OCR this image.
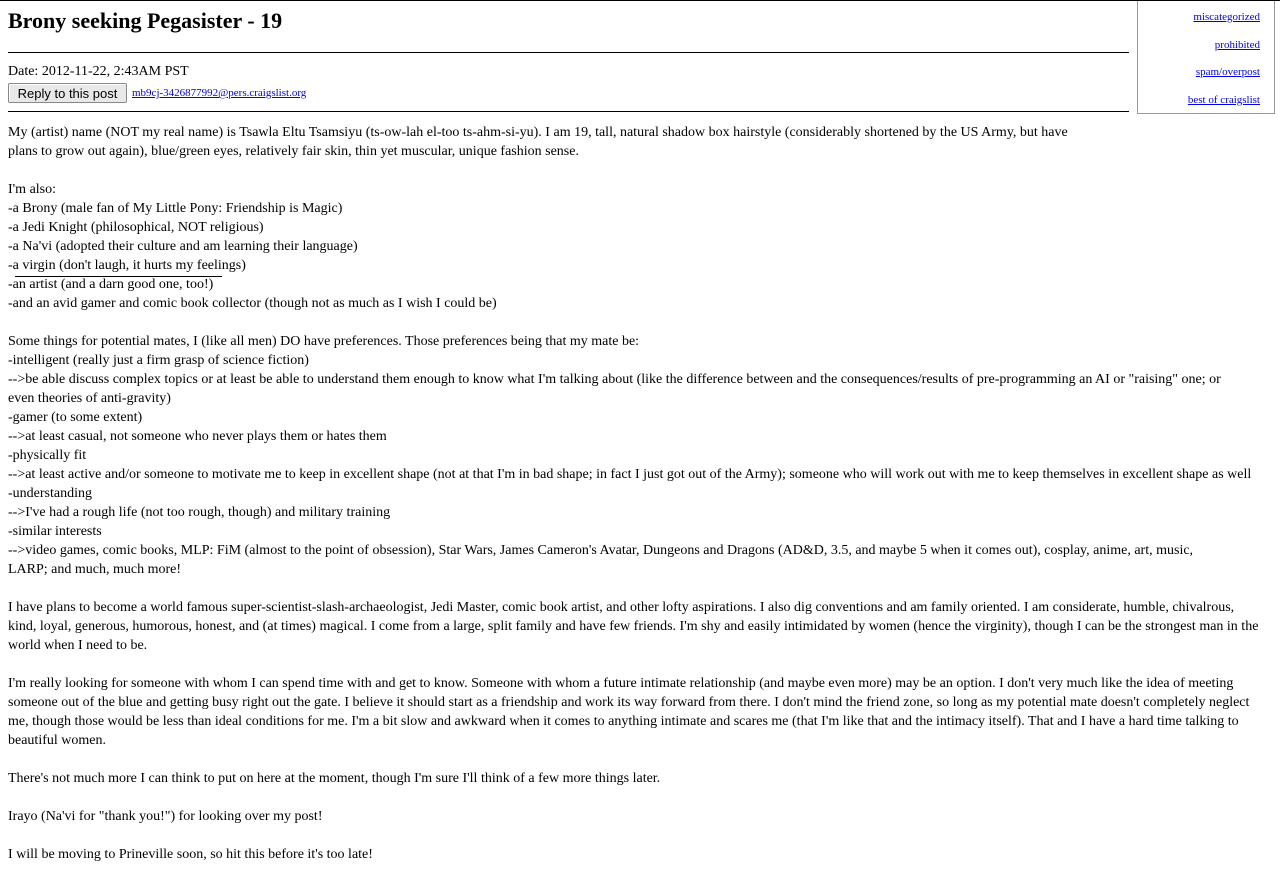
Brony seeking Pegasister - 19
Date: 2012-11-22, 2:43AM PST
Reply to this post	mb9cj-3426877992@pers.craigslist.org
miscategorized
prohibited
spam/overpost
best of craigslist
My (artist) name (NOT my real name) is Tsawla Eltu Tsamsiyu (ts-ow-lah el-too ts-ahm-si-yu). I am 19, tall, natural shadow box hairstyle (considerably shortened by the US Army, but have
plans to grow out again), blue/green eyes, relatively fair skin, thin yet muscular, unique fashion sense.
I'm also:
-a Brony (male fan of My Little Pony: Friendship is Magic)
-a Jedi Knight (philosophical, NOT religious)
-a Na'vi (adopted their culture and am learning their language)
-a virgin (don't laugh, it hurts my feelings)
-an artist (and a darn good one, too!)
-and an avid gamer and comic book collector (though not as much as I wish I could be)
Some things for potential mates, I (like all men) DO have preferences. Those preferences being that my mate be:
-intelligent (really just a firm grasp of science fiction)
-->be able discuss complex topics or at least be able to understand them enough to know what I'm talking about (like the difference between and the consequences/results of pre-programming an AI or "raising" one; or
even theories of anti-gravity)
-gamer (to some extent)
-->at least casual, not someone who never plays them or hates them
-physically fit
-->at least active and/or someone to motivate me to keep in excellent shape (not at that I'm in bad shape; in fact I just got out of the Army); someone who will work out with me to keep themselves in excellent shape as well
-understanding
-->I've had a rough life (not too rough, though) and military training
-similar interests
-->video games, comic books, MLP: FiM (almost to the point of obsession), Star Wars, James Cameron's Avatar, Dungeons and Dragons (AD&D, 3.5, and maybe 5 when it comes out), cosplay, anime, art, music,
LARP; and much, much more!
I have plans to become a world famous super-scientist-slash-archaeologist, Jedi Master, comic book artist, and other lofty aspirations. I also dig conventions and am family oriented. I am considerate, humble, chivalrous,
kind, loyal, generous, humorous, honest, and (at times) magical. I come from a large, split family and have few friends. I'm shy and easily intimidated by women (hence the virginity), though I can be the strongest man in the
world when I need to be.
I'm really looking for someone with whom I can spend time with and get to know. Someone with whom a future intimate relationship (and maybe even more) may be an option. I don't very much like the idea of meeting
someone out of the blue and getting busy right out the gate. I believe it should start as a friendship and work its way forward from there. I don't mind the friend zone, so long as my potential mate doesn't completely neglect
me, though those would be less than ideal conditions for me. I'm a bit slow and awkward when it comes to anything intimate and scares me (that I'm like that and the intimacy itself). That and I have a hard time talking to
beautiful women.
There's not much more I can think to put on here at the moment, though I'm sure I'll think of a few more things later.
Irayo (Na'vi for "thank you!") for looking over my post!
I will be moving to Prineville soon, so hit this before it's too late!
